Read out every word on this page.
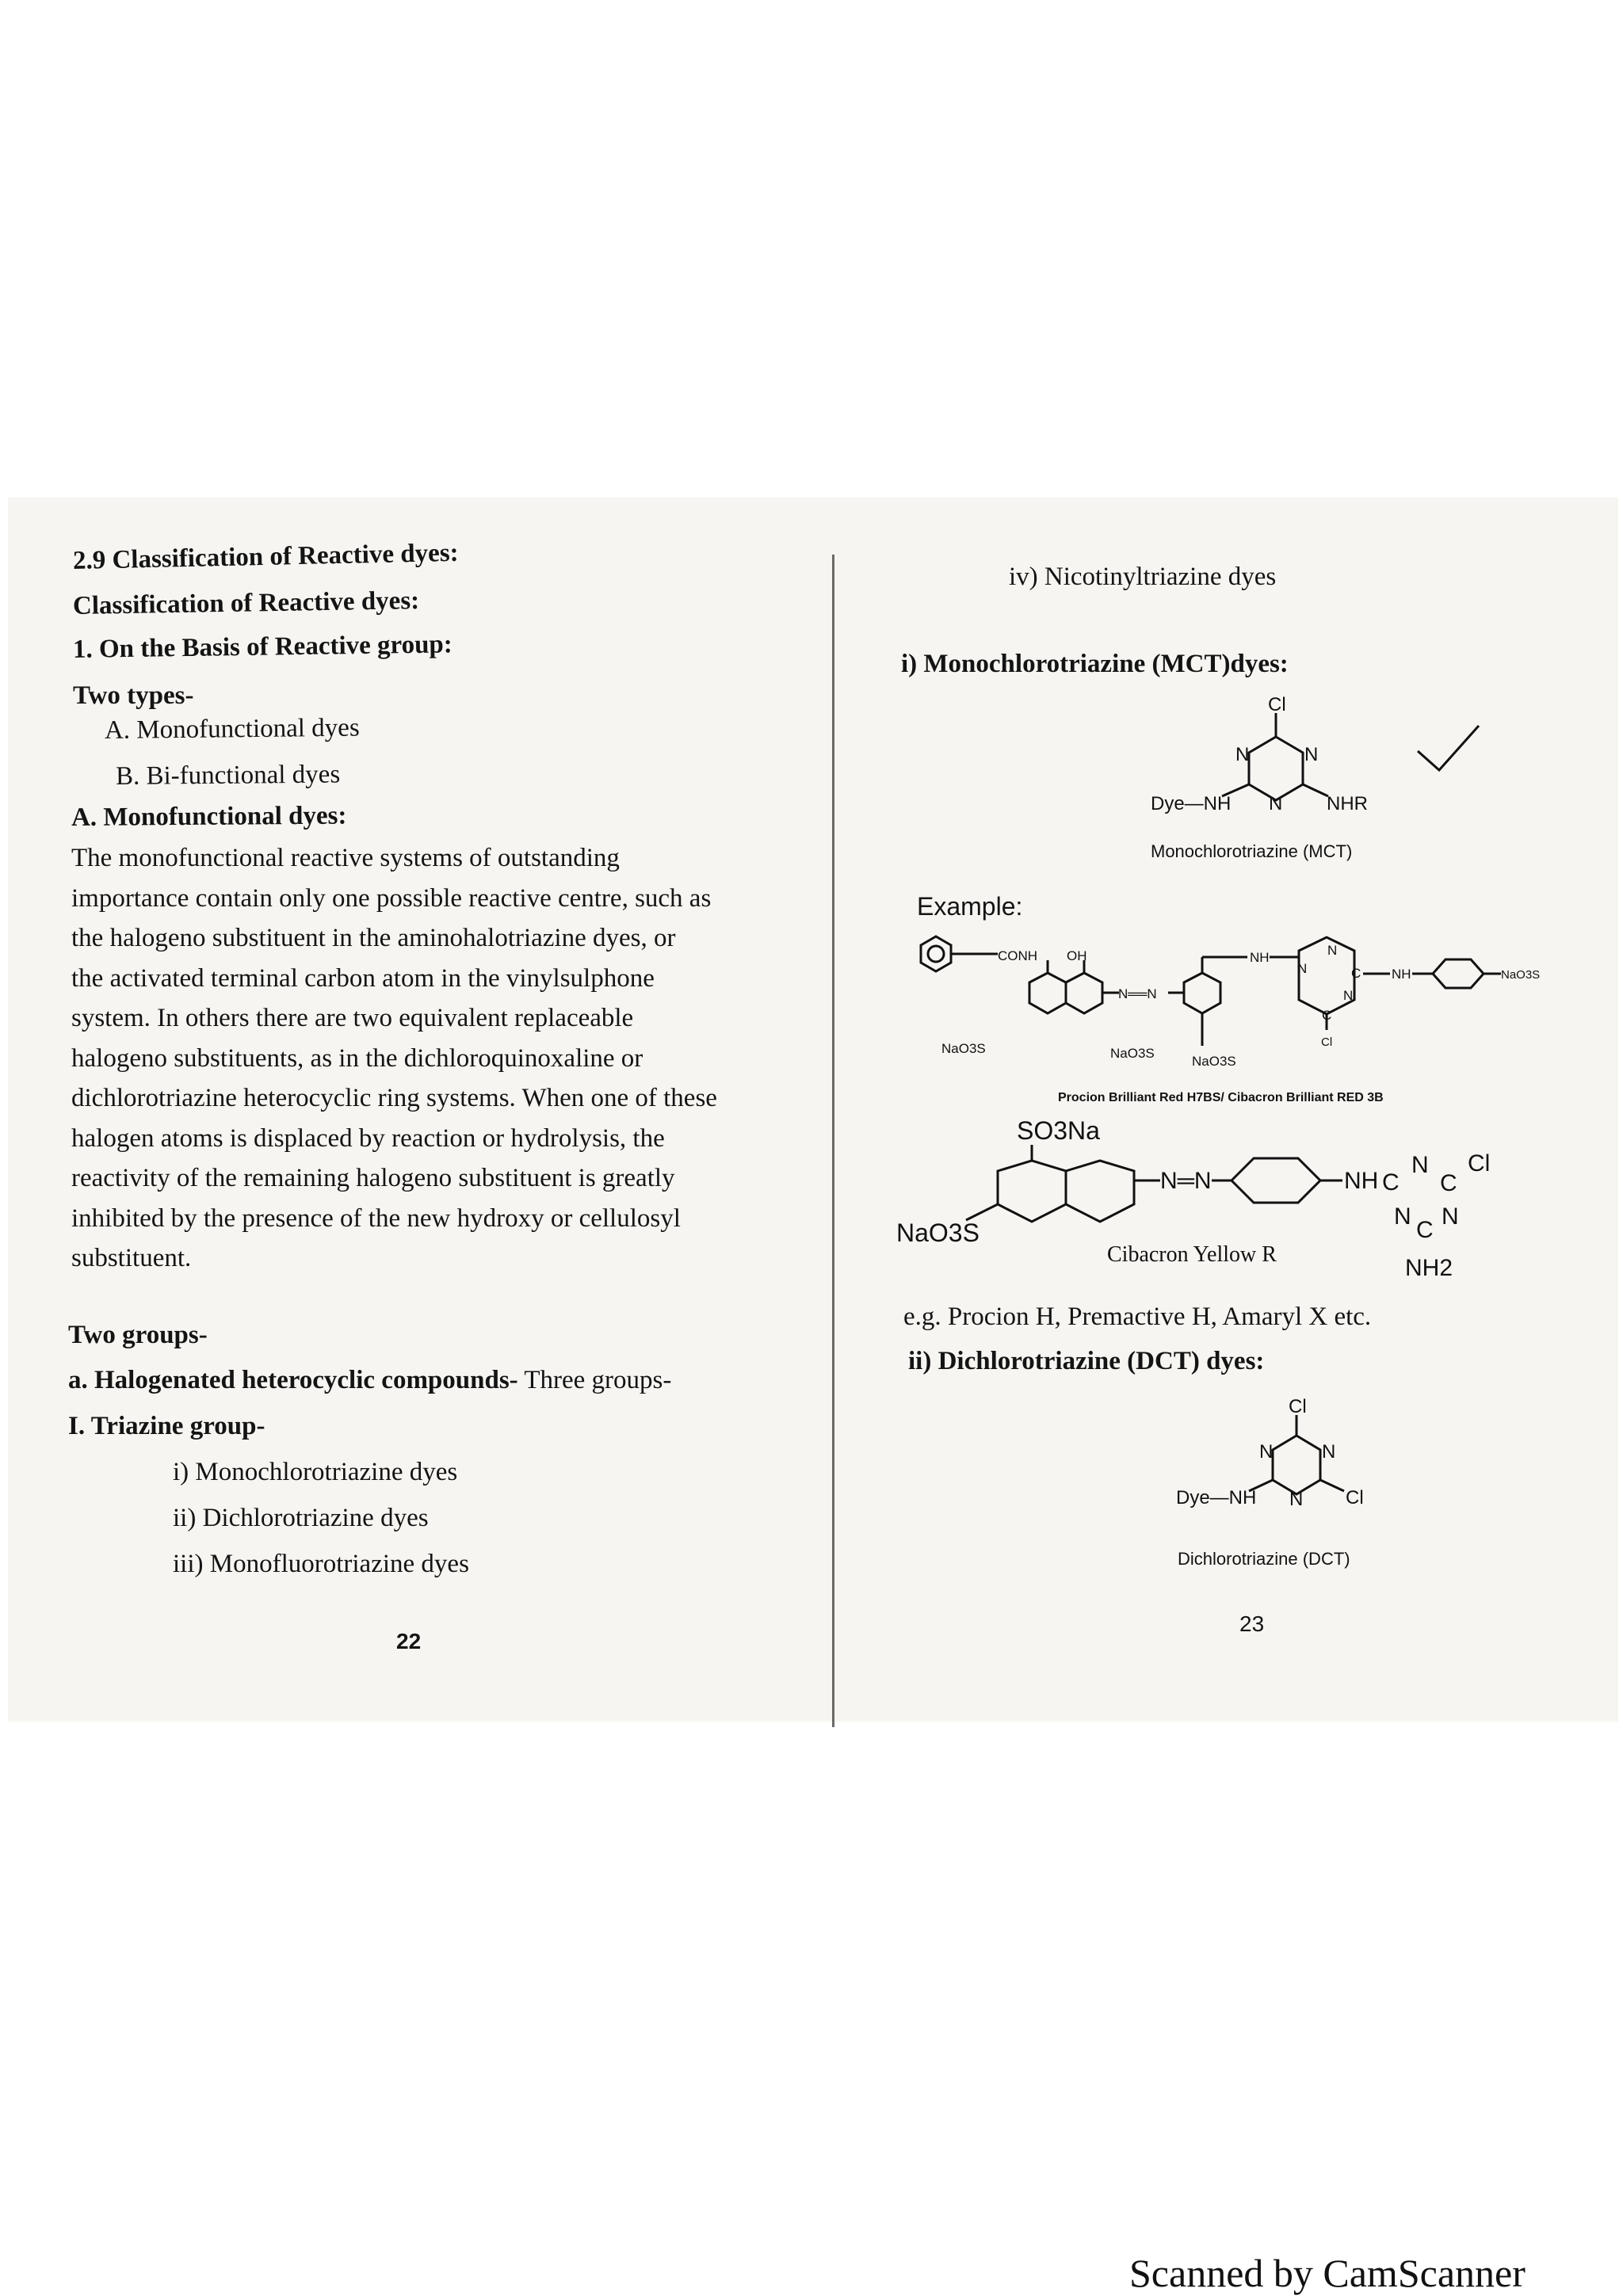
2.9 Classification of Reactive dyes:
Classification of Reactive dyes:
1. On the Basis of Reactive group:
Two types-
A. Monofunctional dyes
B. Bi-functional dyes
A. Monofunctional dyes:
The monofunctional reactive systems of outstanding
importance contain only one possible reactive centre, such as
the halogeno substituent in the aminohalotriazine dyes, or
the activated terminal carbon atom in the vinylsulphone
system. In others there are two equivalent replaceable
halogeno substituents, as in the dichloroquinoxaline or
dichlorotriazine heterocyclic ring systems. When one of these
halogen atoms is displaced by reaction or hydrolysis, the
reactivity of the remaining halogeno substituent is greatly
inhibited by the presence of the new hydroxy or cellulosyl
substituent.
Two groups-
a. Halogenated heterocyclic compounds- Three groups-
I. Triazine group-
i) Monochlorotriazine dyes
ii) Dichlorotriazine dyes
iii) Monofluorotriazine dyes
22
iv) Nicotinyltriazine dyes
i) Monochlorotriazine (MCT)dyes:
Cl
N	N
N
Dye—NH	NHR
Monochlorotriazine (MCT)
Example:
CONH OH
N══N
NH	N
N
N
C
C
Cl
NH	NaO3S
NaO3S	NaO3S
NaO3S
Procion Brilliant Red H7BS/ Cibacron Brilliant RED 3B
SO3Na
NaO3S
N═N	NH C
N
C
Cl
N N
C
NH2
Cibacron Yellow R
e.g. Procion H, Premactive H, Amaryl X etc.
ii) Dichlorotriazine (DCT) dyes:
Cl
N	N
N
Dye—NH	Cl
Dichlorotriazine (DCT)
23
Scanned by CamScanner
